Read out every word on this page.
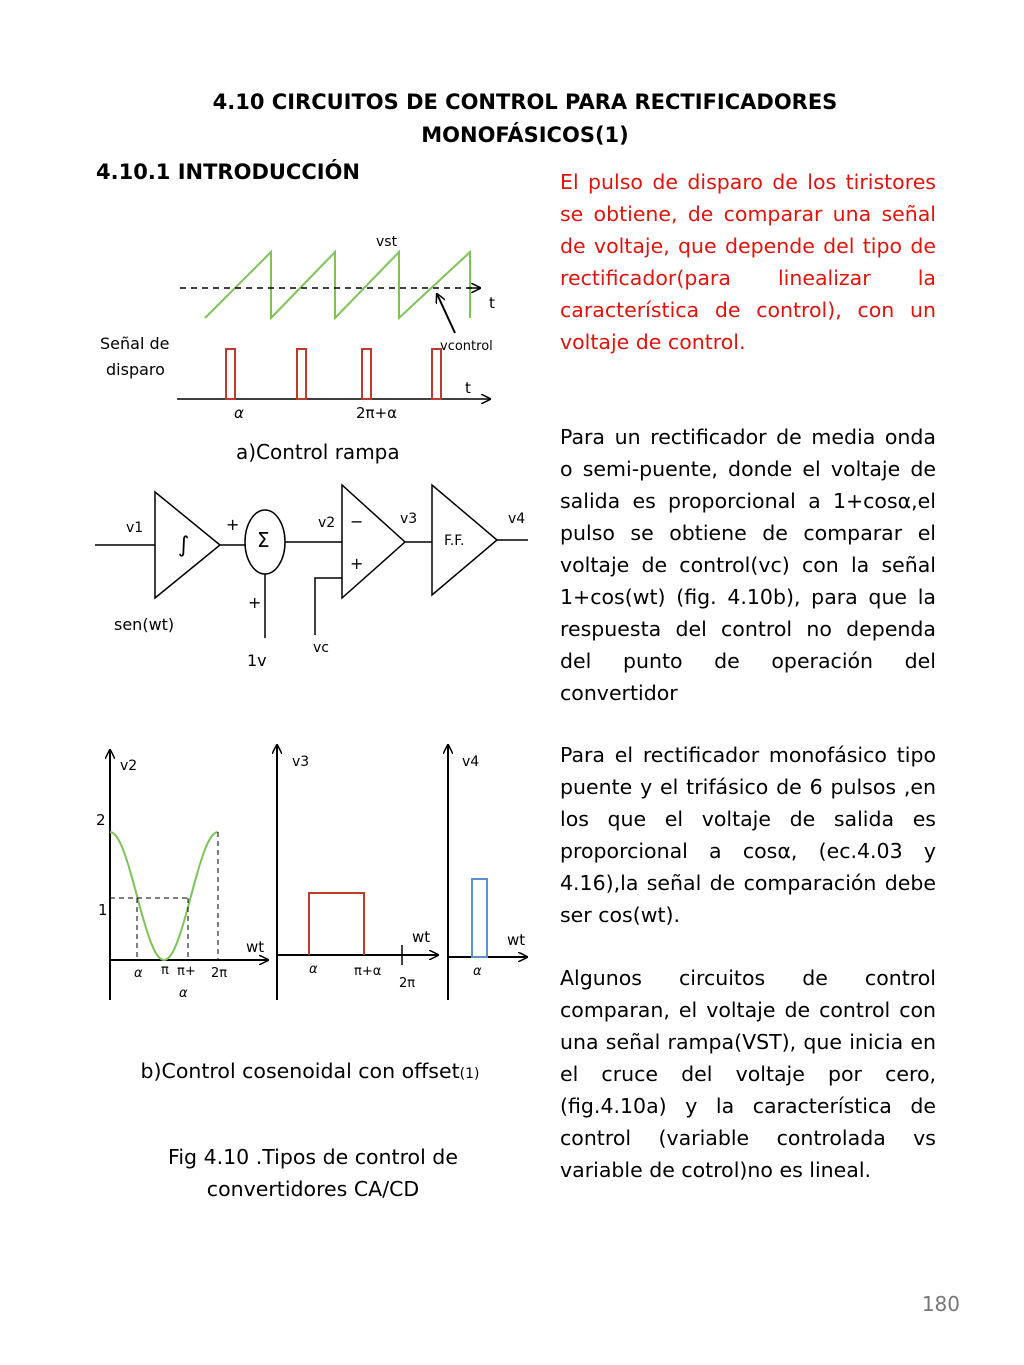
4.10 CIRCUITOS DE CONTROL PARA RECTIFICADORES
MONOFÁSICOS(1)
4.10.1 INTRODUCCIÓN	El pulso de disparo de los tiristores se obtiene, de comparar una señal de voltaje, que depende del tipo de rectificador(para linealizar la característica de control), con un voltaje de control.

Para un rectificador de media onda o semi-puente, donde el voltaje de salida es proporcional a 1+cosα,el pulso se obtiene de comparar el voltaje de control(vc) con la señal 1+cos(wt) (fig. 4.10b), para que la respuesta del control no dependa del punto de operación del convertidor

Para el rectificador monofásico tipo puente y el trifásico de 6 pulsos ,en los que el voltaje de salida es proporcional a cosα, (ec.4.03 y 4.16),la señal de comparación debe ser cos(wt).

Algunos circuitos de control comparan, el voltaje de control con una señal rampa(VST), que inicia en el cruce del voltaje por cero, (fig.4.10a) y la característica de control (variable controlada vs variable de cotrol)no es lineal.

vst
t
vcontrol
Señal de
disparo
t
α	2π+α
a)Control rampa
v1
∫
+
Σ
+
sen(wt)
1v
v2 −
+
vc
v3
F.F.
v4
v2
2
1
wt
α π π+
α
2π
v3
wt
α	π+α
2π
v4
wt
α
b)Control cosenoidal con offset(1)
Fig 4.10 .Tipos de control de
convertidores CA/CD
180
